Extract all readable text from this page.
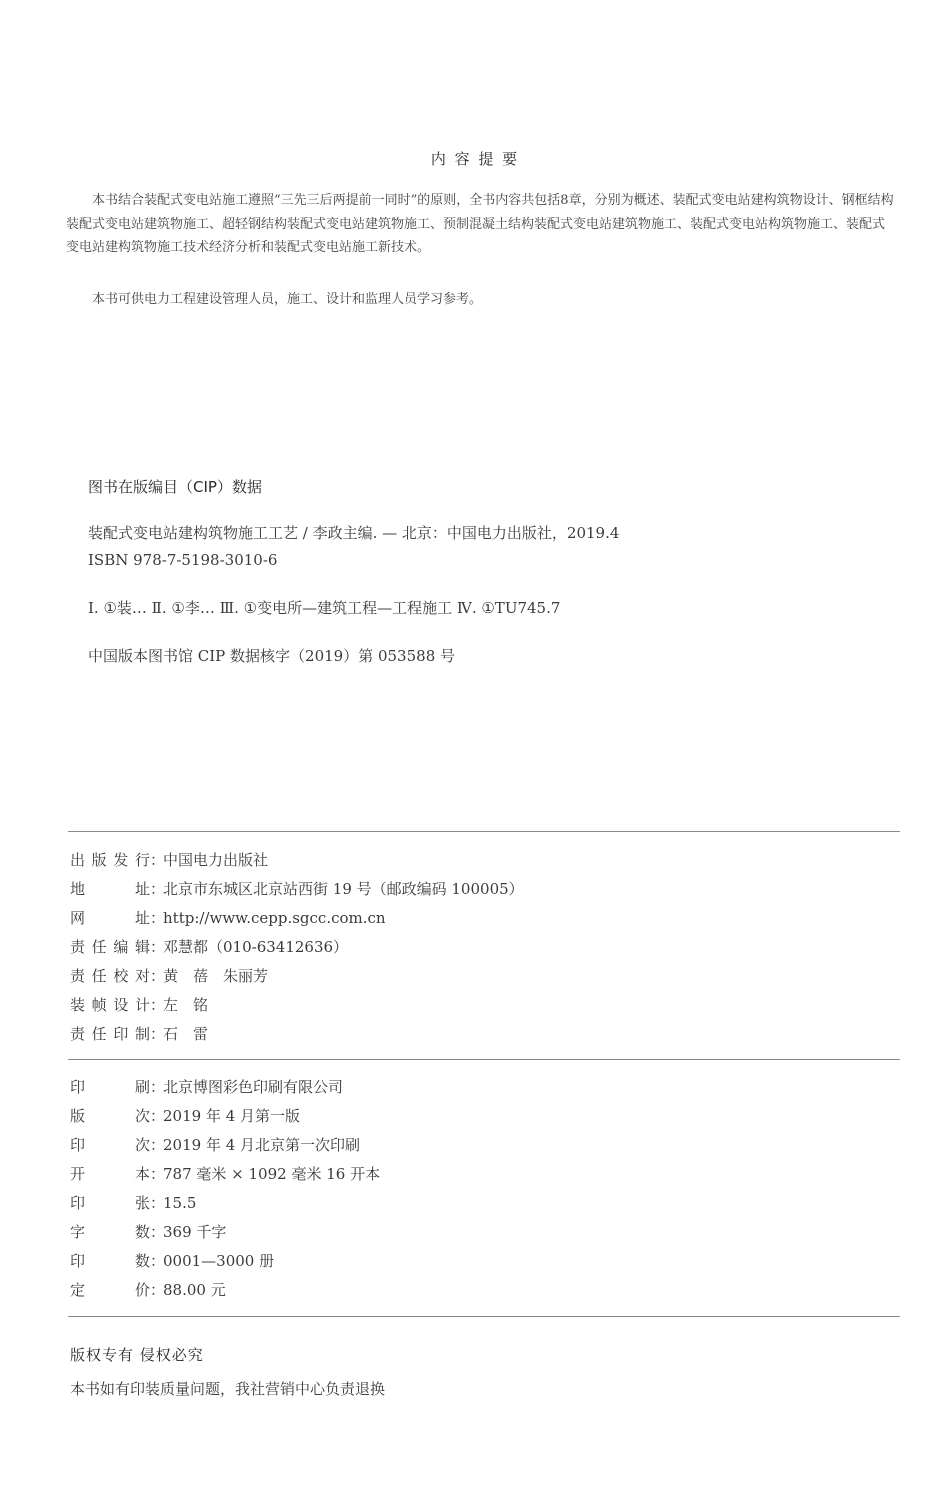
内 容 提 要
本书结合装配式变电站施工遵照“三先三后两提前一同时”的原则，全书内容共包括8章，分别为概述、装配式变电站建构筑物设计、钢框结构装配式变电站建筑物施工、超轻钢结构装配式变电站建筑物施工、预制混凝土结构装配式变电站建筑物施工、装配式变电站构筑物施工、装配式变电站建构筑物施工技术经济分析和装配式变电站施工新技术。
本书可供电力工程建设管理人员，施工、设计和监理人员学习参考。
图书在版编目（CIP）数据
装配式变电站建构筑物施工工艺 / 李政主编. — 北京：中国电力出版社，2019.4
ISBN 978-7-5198-3010-6
Ⅰ. ①装… Ⅱ. ①李… Ⅲ. ①变电所—建筑工程—工程施工 Ⅳ. ①TU745.7
中国版本图书馆 CIP 数据核字（2019）第 053588 号
出版发行：中国电力出版社
地址：北京市东城区北京站西街 19 号（邮政编码 100005）
网址：http://www.cepp.sgcc.com.cn
责任编辑：邓慧都（010-63412636）
责任校对：黄　蓓　朱丽芳
装帧设计：左　铭
责任印制：石　雷
印刷：北京博图彩色印刷有限公司
版次：2019 年 4 月第一版
印次：2019 年 4 月北京第一次印刷
开本：787 毫米 × 1092 毫米 16 开本
印张：15.5
字数：369 千字
印数：0001—3000 册
定价：88.00 元
版权专有 侵权必究
本书如有印装质量问题，我社营销中心负责退换
